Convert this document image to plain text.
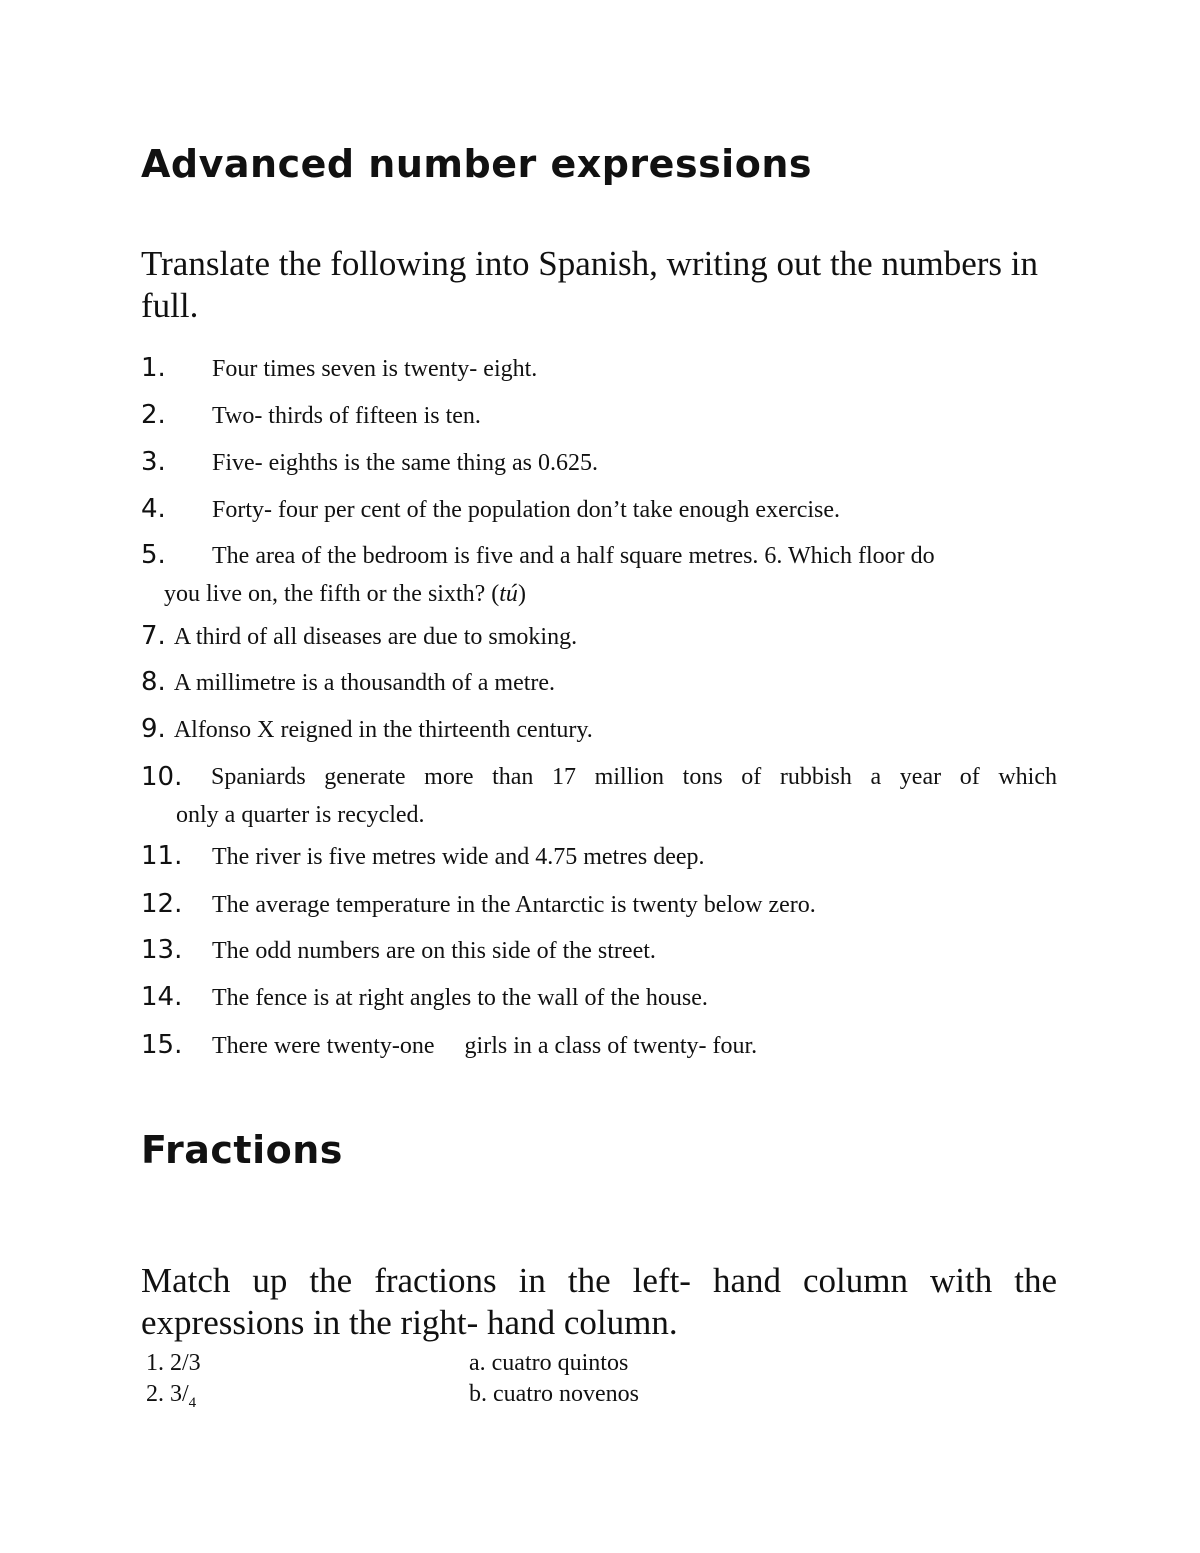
Advanced number expressions

Translate the following into Spanish, writing out the numbers in full.

1. Four times seven is twenty- eight.
2. Two- thirds of fifteen is ten.
3. Five- eighths is the same thing as 0.625.
4. Forty- four per cent of the population don’t take enough exercise.
5. The area of the bedroom is five and a half square metres. 6. Which floor do
you live on, the fifth or the sixth? (tú)
7. A third of all diseases are due to smoking.
8. A millimetre is a thousandth of a metre.
9. Alfonso X reigned in the thirteenth century.
10.	Spaniards generate more than 17 million tons of rubbish a year of which
only a quarter is recycled.
11. The river is five metres wide and 4.75 metres deep.
12. The average temperature in the Antarctic is twenty below zero.
13. The odd numbers are on this side of the street.
14. The fence is at right angles to the wall of the house.
15. There were twenty-one     girls in a class of twenty- four.
Fractions

Match up the fractions in the left- hand column with the expressions in the right- hand column.

1. 2/3
2. $3/_4$
a. cuatro quintos
b. cuatro novenos
